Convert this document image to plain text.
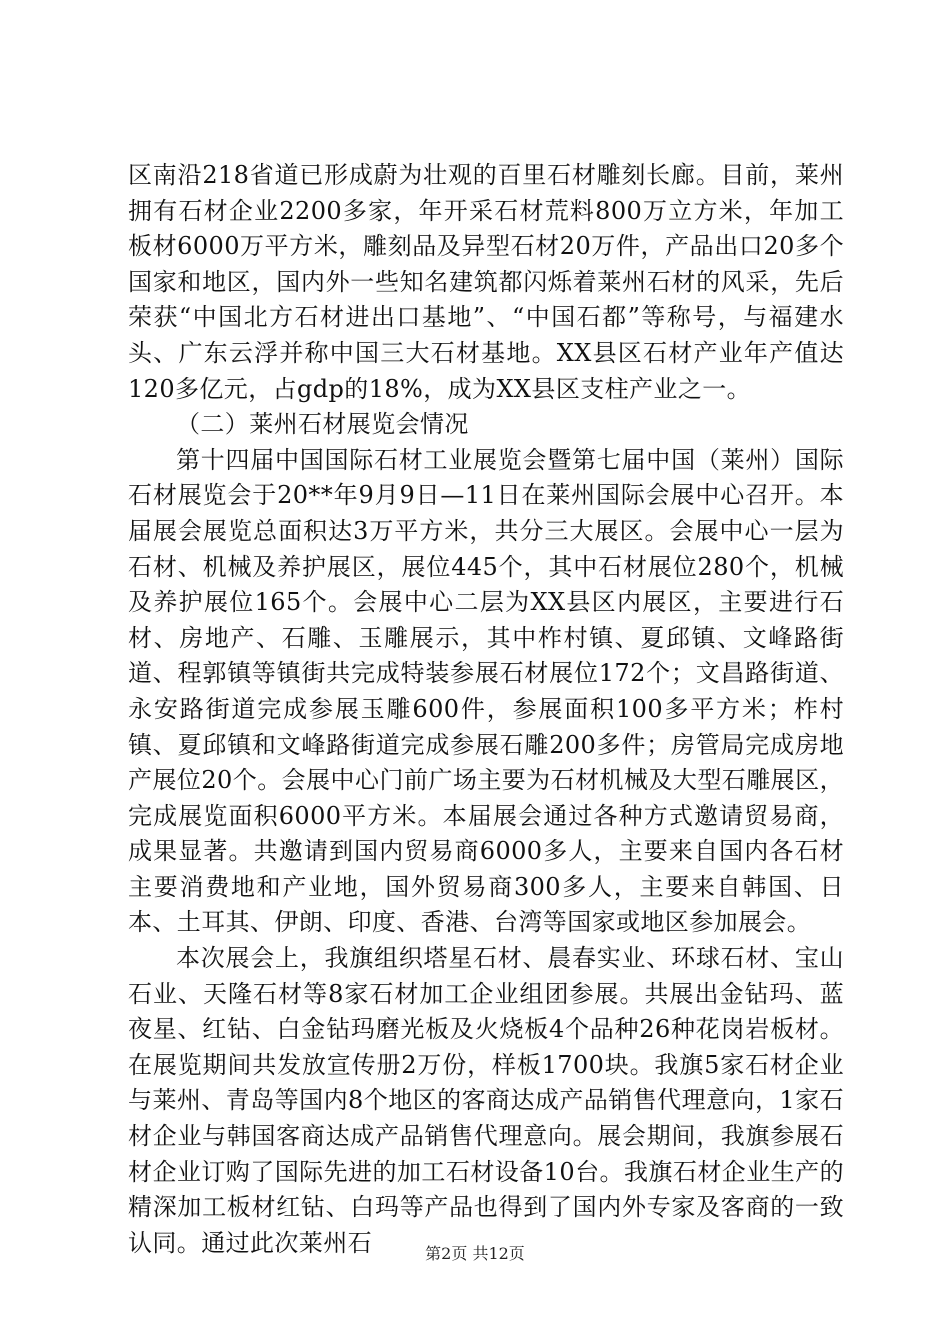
区南沿218省道已形成蔚为壮观的百里石材雕刻长廊。目前，莱州拥有石材企业2200多家，年开采石材荒料800万立方米，年加工板材6000万平方米，雕刻品及异型石材20万件，产品出口20多个国家和地区，国内外一些知名建筑都闪烁着莱州石材的风采，先后荣获“中国北方石材进出口基地”、“中国石都”等称号，与福建水头、广东云浮并称中国三大石材基地。XX县区石材产业年产值达120多亿元，占gdp的18%，成为XX县区支柱产业之一。

（二）莱州石材展览会情况

第十四届中国国际石材工业展览会暨第七届中国（莱州）国际石材展览会于20**年9月9日—11日在莱州国际会展中心召开。本届展会展览总面积达3万平方米，共分三大展区。会展中心一层为石材、机械及养护展区，展位445个，其中石材展位280个，机械及养护展位165个。会展中心二层为XX县区内展区，主要进行石材、房地产、石雕、玉雕展示，其中柞村镇、夏邱镇、文峰路街道、程郭镇等镇街共完成特装参展石材展位172个；文昌路街道、永安路街道完成参展玉雕600件，参展面积100多平方米；柞村镇、夏邱镇和文峰路街道完成参展石雕200多件；房管局完成房地产展位20个。会展中心门前广场主要为石材机械及大型石雕展区，完成展览面积6000平方米。本届展会通过各种方式邀请贸易商，成果显著。共邀请到国内贸易商6000多人，主要来自国内各石材主要消费地和产业地，国外贸易商300多人，主要来自韩国、日本、土耳其、伊朗、印度、香港、台湾等国家或地区参加展会。

本次展会上，我旗组织塔星石材、晨春实业、环球石材、宝山石业、天隆石材等8家石材加工企业组团参展。共展出金钻玛、蓝夜星、红钻、白金钻玛磨光板及火烧板4个品种26种花岗岩板材。在展览期间共发放宣传册2万份，样板1700块。我旗5家石材企业与莱州、青岛等国内8个地区的客商达成产品销售代理意向，1家石材企业与韩国客商达成产品销售代理意向。展会期间，我旗参展石材企业订购了国际先进的加工石材设备10台。我旗石材企业生产的精深加工板材红钻、白玛等产品也得到了国内外专家及客商的一致认同。通过此次莱州石	第2页 共12页
